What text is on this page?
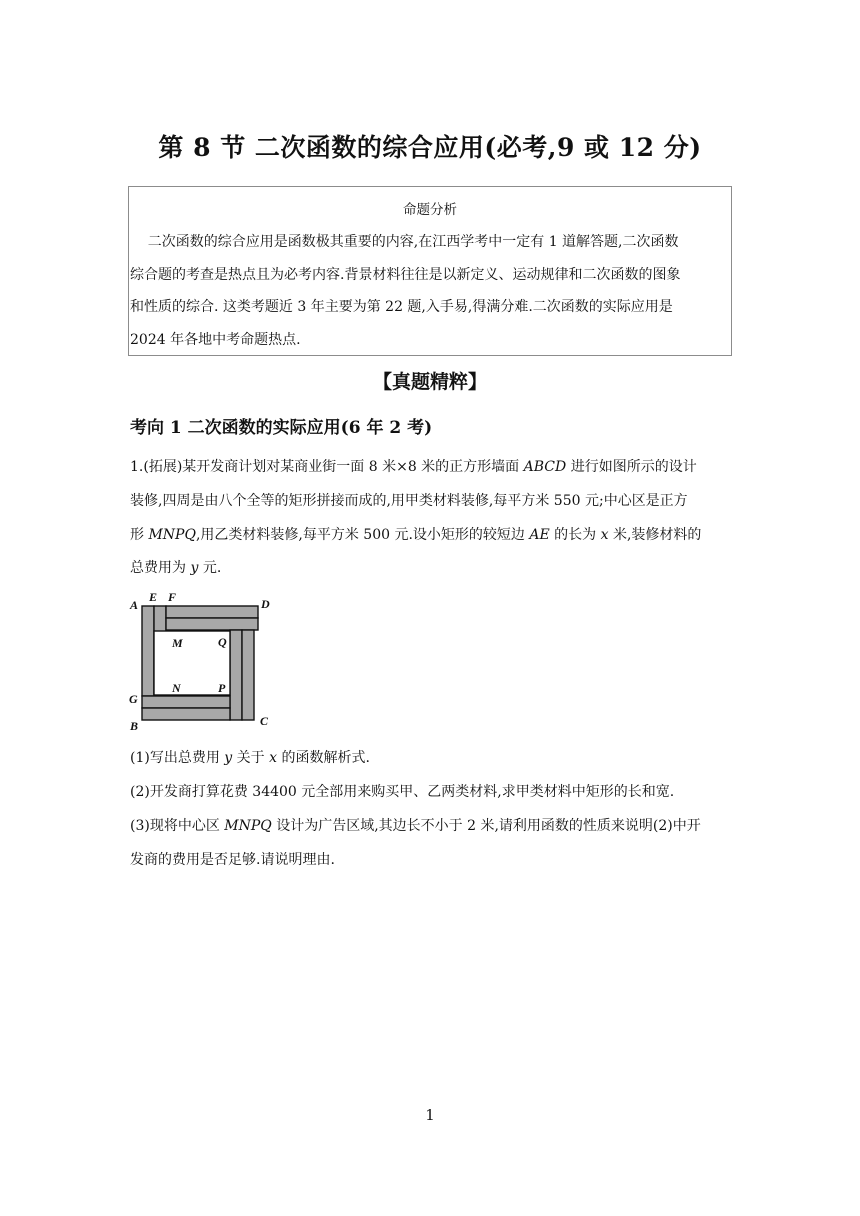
第 8 节 二次函数的综合应用(必考,9 或 12 分)
命题分析
二次函数的综合应用是函数极其重要的内容,在江西学考中一定有 1 道解答题,二次函数
综合题的考查是热点且为必考内容.背景材料往往是以新定义、运动规律和二次函数的图象
和性质的综合. 这类考题近 3 年主要为第 22 题,入手易,得满分难.二次函数的实际应用是
2024 年各地中考命题热点.
【真题精粹】
考向 1 二次函数的实际应用(6 年 2 考)
1.(拓展)某开发商计划对某商业街一面 8 米×8 米的正方形墙面 ABCD 进行如图所示的设计
装修,四周是由八个全等的矩形拼接而成的,用甲类材料装修,每平方米 550 元;中心区是正方
形 MNPQ,用乙类材料装修,每平方米 500 元.设小矩形的较短边 AE 的长为 x 米,装修材料的
总费用为 y 元.
A
E F	D
M	Q
G
N	P
B	C
(1)写出总费用 y 关于 x 的函数解析式.
(2)开发商打算花费 34400 元全部用来购买甲、乙两类材料,求甲类材料中矩形的长和宽.
(3)现将中心区 MNPQ 设计为广告区域,其边长不小于 2 米,请利用函数的性质来说明(2)中开
发商的费用是否足够.请说明理由.
1
